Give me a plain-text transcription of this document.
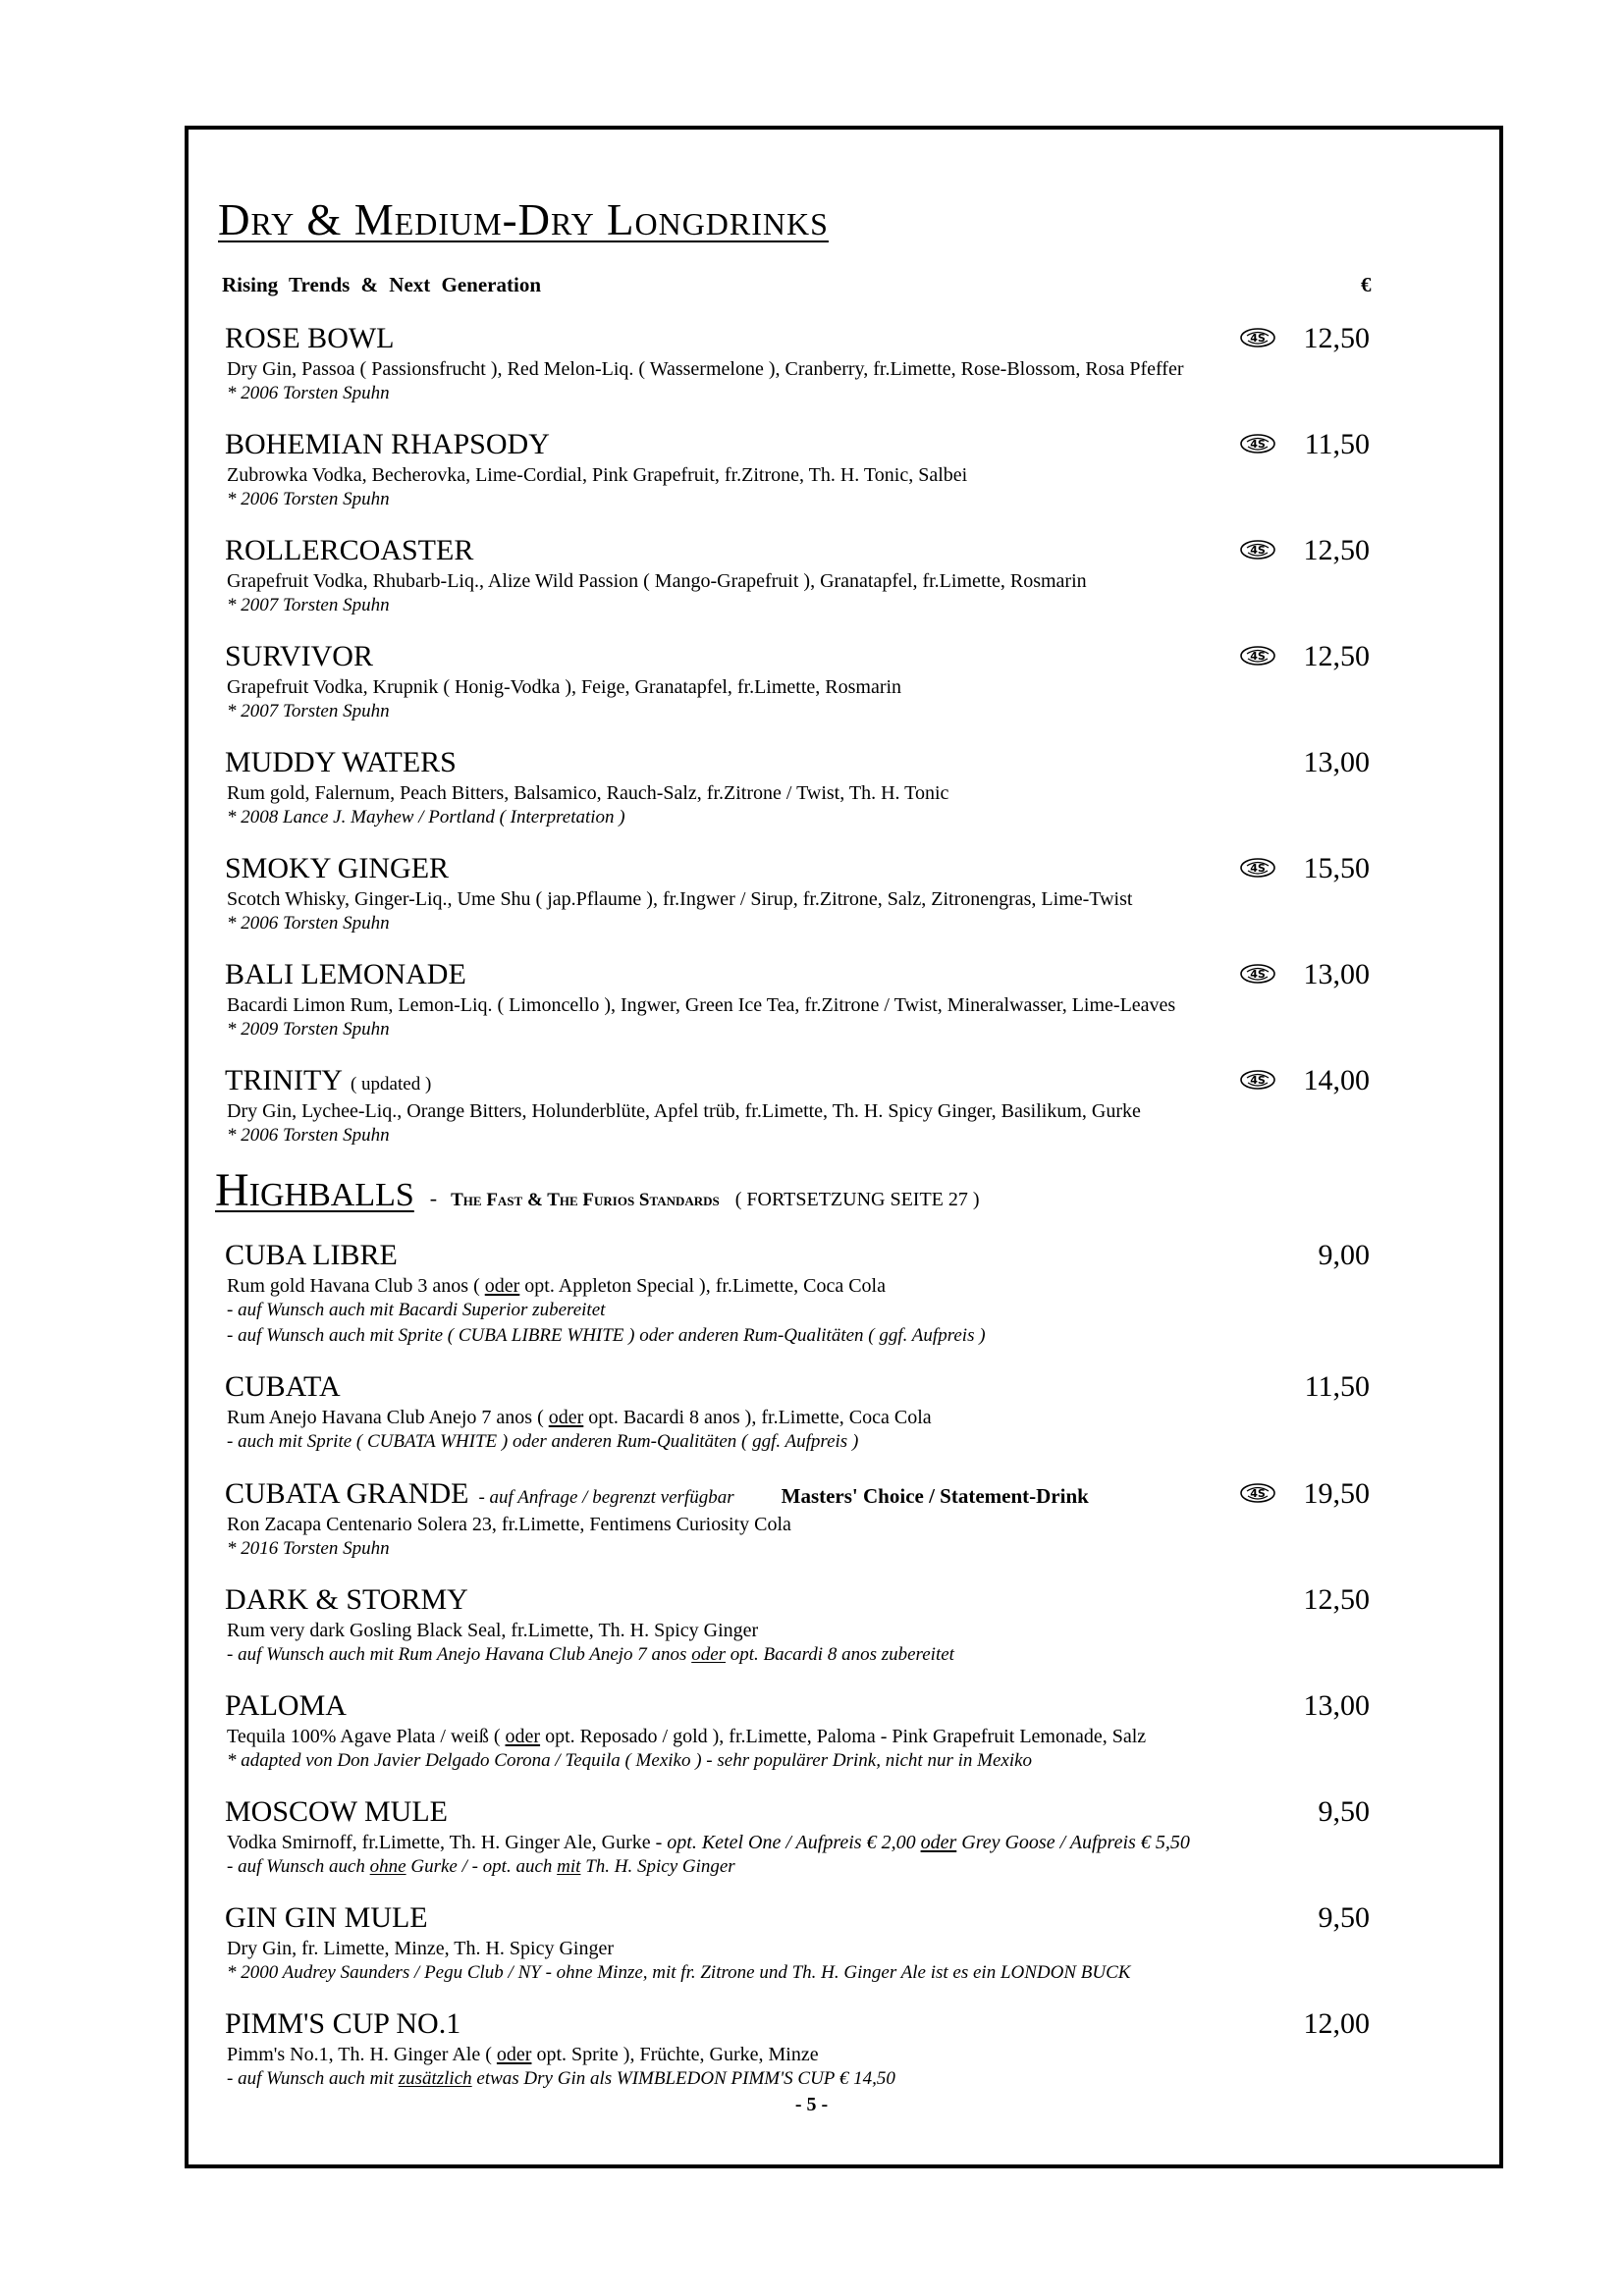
Dry & Medium-Dry Longdrinks
Rising Trends & Next Generation	€
ROSE BOWL	12,50
Dry Gin, Passoa ( Passionsfrucht ), Red Melon-Liq. ( Wassermelone ), Cranberry, fr.Limette, Rose-Blossom, Rosa Pfeffer
* 2006 Torsten Spuhn
BOHEMIAN RHAPSODY	11,50
Zubrowka Vodka, Becherovka, Lime-Cordial, Pink Grapefruit, fr.Zitrone, Th. H. Tonic, Salbei
* 2006 Torsten Spuhn
ROLLERCOASTER	12,50
Grapefruit Vodka, Rhubarb-Liq., Alize Wild Passion ( Mango-Grapefruit ), Granatapfel, fr.Limette, Rosmarin
* 2007 Torsten Spuhn
SURVIVOR	12,50
Grapefruit Vodka, Krupnik ( Honig-Vodka ), Feige, Granatapfel, fr.Limette, Rosmarin
* 2007 Torsten Spuhn
MUDDY WATERS	13,00
Rum gold, Falernum, Peach Bitters, Balsamico, Rauch-Salz, fr.Zitrone / Twist, Th. H. Tonic
* 2008 Lance J. Mayhew / Portland ( Interpretation )
SMOKY GINGER	15,50
Scotch Whisky, Ginger-Liq., Ume Shu ( jap.Pflaume ), fr.Ingwer / Sirup, fr.Zitrone, Salz, Zitronengras, Lime-Twist
* 2006 Torsten Spuhn
BALI LEMONADE	13,00
Bacardi Limon Rum, Lemon-Liq. ( Limoncello ), Ingwer, Green Ice Tea, fr.Zitrone / Twist, Mineralwasser, Lime-Leaves
* 2009 Torsten Spuhn
TRINITY ( updated )	14,00
Dry Gin, Lychee-Liq., Orange Bitters, Holunderblüte, Apfel trüb, fr.Limette, Th. H. Spicy Ginger, Basilikum, Gurke
* 2006 Torsten Spuhn
Highballs - The Fast & The Furios Standards ( FORTSETZUNG SEITE 27 )
CUBA LIBRE	9,00
Rum gold Havana Club 3 anos ( oder opt. Appleton Special ), fr.Limette, Coca Cola
- auf Wunsch auch mit Bacardi Superior zubereitet
- auf Wunsch auch mit Sprite ( CUBA LIBRE WHITE ) oder anderen Rum-Qualitäten ( ggf. Aufpreis )
CUBATA	11,50
Rum Anejo Havana Club Anejo 7 anos ( oder opt. Bacardi 8 anos ), fr.Limette, Coca Cola
- auch mit Sprite ( CUBATA WHITE ) oder anderen Rum-Qualitäten ( ggf. Aufpreis )
CUBATA GRANDE - auf Anfrage / begrenzt verfügbar Masters' Choice / Statement-Drink	19,50
Ron Zacapa Centenario Solera 23, fr.Limette, Fentimens Curiosity Cola
* 2016 Torsten Spuhn
DARK & STORMY	12,50
Rum very dark Gosling Black Seal, fr.Limette, Th. H. Spicy Ginger
- auf Wunsch auch mit Rum Anejo Havana Club Anejo 7 anos oder opt. Bacardi 8 anos zubereitet
PALOMA	13,00
Tequila 100% Agave Plata / weiß ( oder opt. Reposado / gold ), fr.Limette, Paloma - Pink Grapefruit Lemonade, Salz
* adapted von Don Javier Delgado Corona / Tequila ( Mexiko ) - sehr populärer Drink, nicht nur in Mexiko
MOSCOW MULE	9,50
Vodka Smirnoff, fr.Limette, Th. H. Ginger Ale, Gurke - opt. Ketel One / Aufpreis € 2,00 oder Grey Goose / Aufpreis € 5,50
- auf Wunsch auch ohne Gurke / - opt. auch mit Th. H. Spicy Ginger
GIN GIN MULE	9,50
Dry Gin, fr. Limette, Minze, Th. H. Spicy Ginger
* 2000 Audrey Saunders / Pegu Club / NY - ohne Minze, mit fr. Zitrone und Th. H. Ginger Ale ist es ein LONDON BUCK
PIMM'S CUP NO.1	12,00
Pimm's No.1, Th. H. Ginger Ale ( oder opt. Sprite ), Früchte, Gurke, Minze
- auf Wunsch auch mit zusätzlich etwas Dry Gin als WIMBLEDON PIMM'S CUP € 14,50
- 5 -
